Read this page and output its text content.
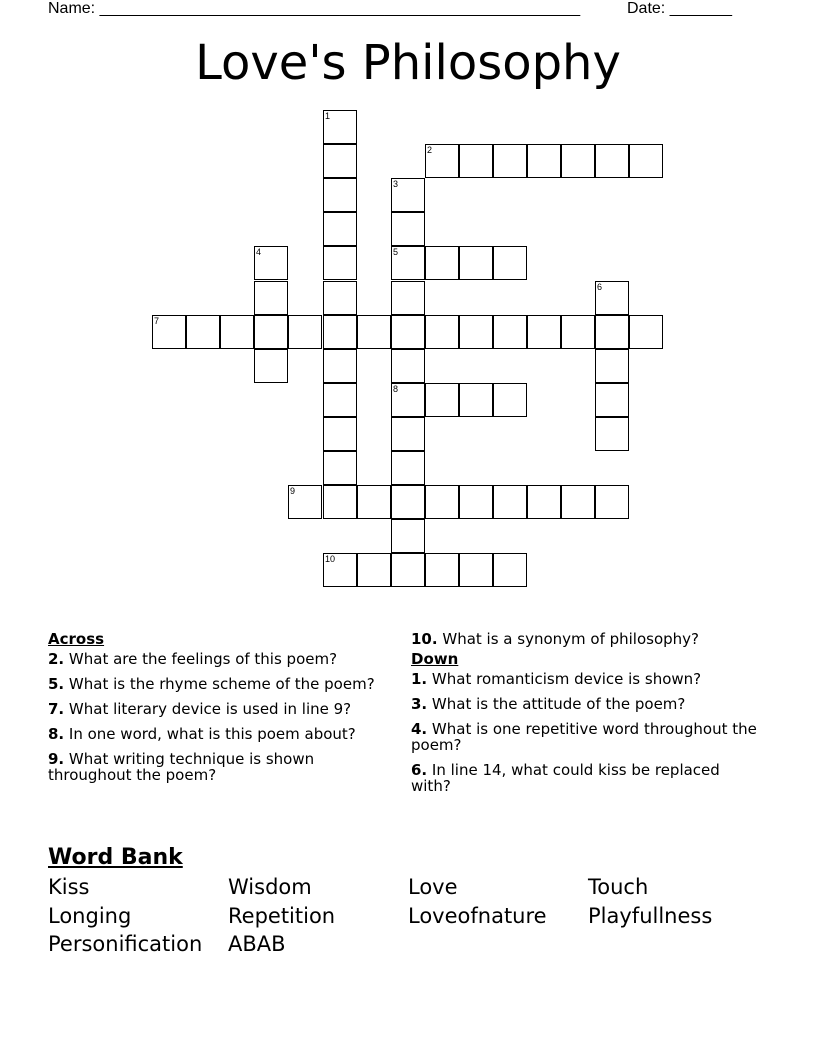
Name: ______________________________________________________	Date: _______
Love's Philosophy
1
2
3
5
8
4
6
7
9
10
Across
2. What are the feelings of this poem?
5. What is the rhyme scheme of the poem?
7. What literary device is used in line 9?
8. In one word, what is this poem about?
9. What writing technique is shown throughout the poem?
10. What is a synonym of philosophy?
Down
1. What romanticism device is shown?
3. What is the attitude of the poem?
4. What is one repetitive word throughout the poem?
6. In line 14, what could kiss be replaced with?
Word Bank
Kiss	Wisdom	Love	Touch
Longing	Repetition	Loveofnature	Playfullness
Personification	ABAB
